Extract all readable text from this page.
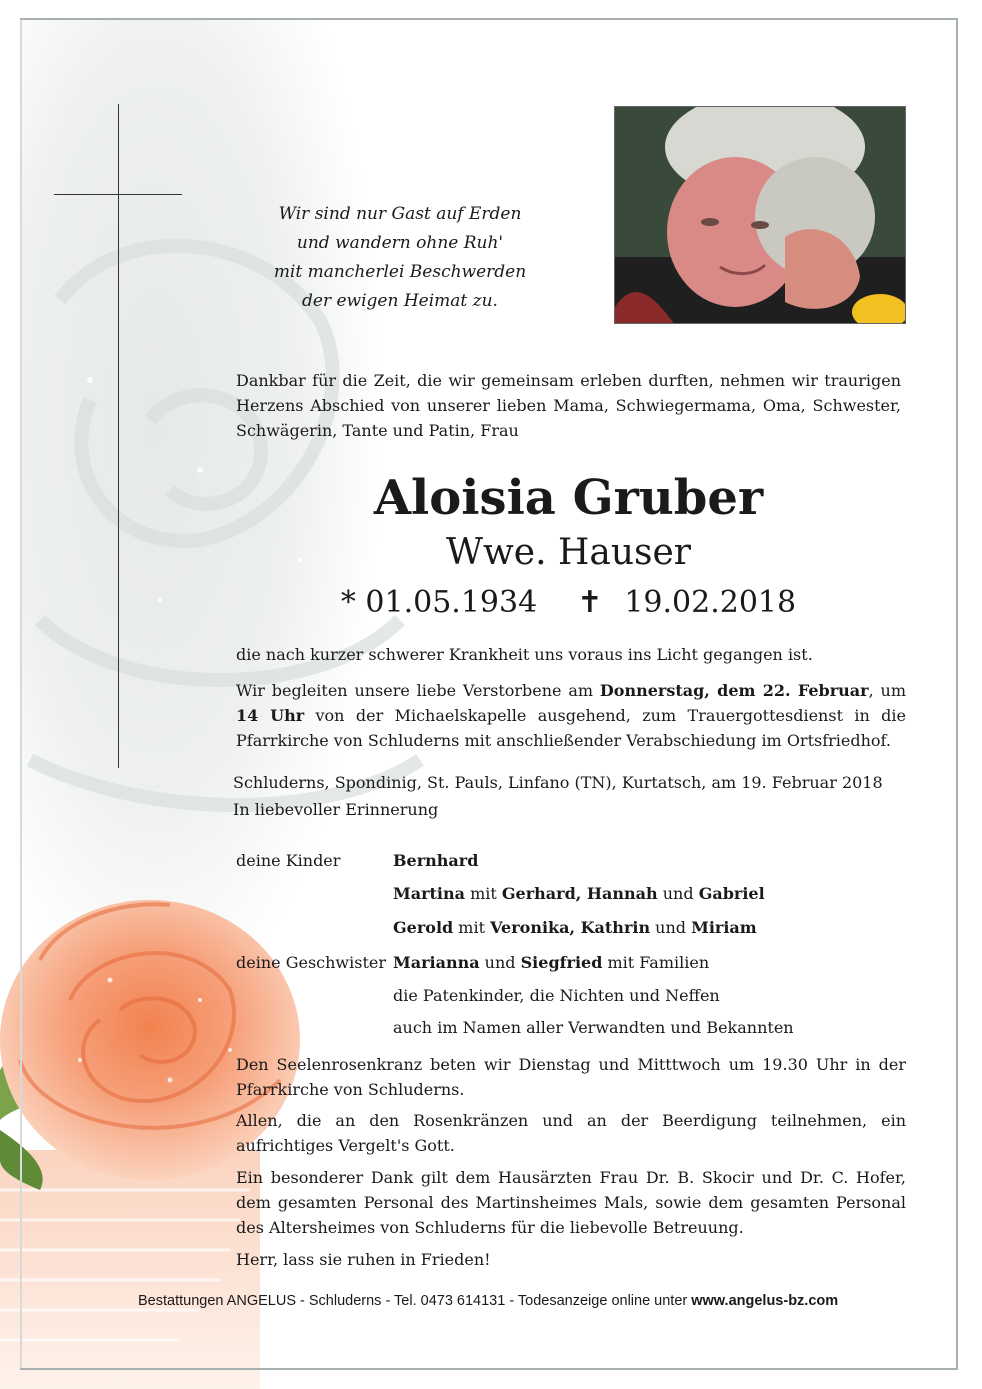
Wir sind nur Gast auf Erden
und wandern ohne Ruh'
mit mancherlei Beschwerden
der ewigen Heimat zu.
Dankbar für die Zeit, die wir gemeinsam erleben durften, nehmen wir traurigen Herzens Abschied von unserer lieben Mama, Schwiegermama, Oma, Schwester, Schwägerin, Tante und Patin, Frau
Aloisia Gruber
Wwe. Hauser
* 01.05.1934 ✝ 19.02.2018
die nach kurzer schwerer Krankheit uns voraus ins Licht gegangen ist.
Wir begleiten unsere liebe Verstorbene am Donnerstag, dem 22. Februar, um 14 Uhr von der Michaelskapelle ausgehend, zum Trauergottesdienst in die Pfarrkirche von Schluderns mit anschließender Verabschiedung im Ortsfriedhof.
Schluderns, Spondinig, St. Pauls, Linfano (TN), Kurtatsch, am 19. Februar 2018
In liebevoller Erinnerung
deine Kinder	Bernhard
Martina mit Gerhard, Hannah und Gabriel
Gerold mit Veronika, Kathrin und Miriam
deine Geschwister Marianna und Siegfried mit Familien
die Patenkinder, die Nichten und Neffen
auch im Namen aller Verwandten und Bekannten
Den Seelenrosenkranz beten wir Dienstag und Mitttwoch um 19.30 Uhr in der Pfarrkirche von Schluderns.
Allen, die an den Rosenkränzen und an der Beerdigung teilnehmen, ein aufrichtiges Vergelt's Gott.
Ein besonderer Dank gilt dem Hausärzten Frau Dr. B. Skocir und Dr. C. Hofer, dem gesamten Personal des Martinsheimes Mals, sowie dem gesamten Personal des Altersheimes von Schluderns für die liebevolle Betreuung.
Herr, lass sie ruhen in Frieden!
Bestattungen ANGELUS - Schluderns - Tel. 0473 614131 - Todesanzeige online unter www.angelus-bz.com
